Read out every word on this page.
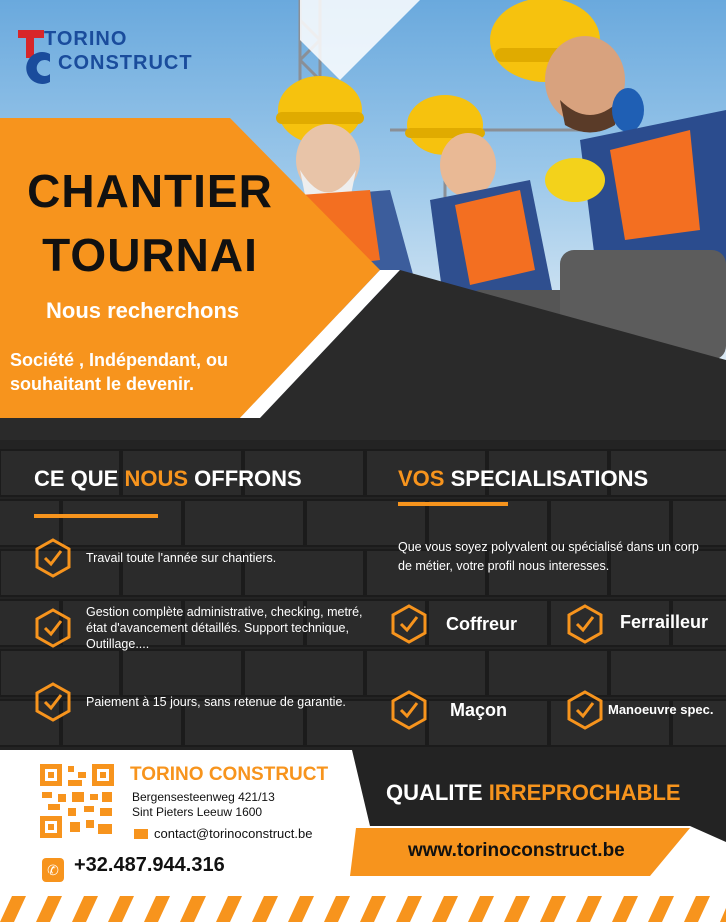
TORINO
CONSTRUCT
CHANTIER
TOURNAI
Nous recherchons
Société , Indépendant, ou souhaitant le devenir.
CE QUE NOUS OFFRONS	VOS SPECIALISATIONS
Travail toute l'année sur chantiers.
Gestion complète administrative, checking, metré, état d'avancement détaillés. Support technique, Outillage....
Paiement à 15 jours, sans retenue de garantie.
Que vous soyez polyvalent ou spécialisé dans un corp de métier, votre profil nous interesses.
Coffreur	Ferrailleur
Maçon	Manoeuvre spec.
TORINO CONSTRUCT
Bergensesteenweg 421/13
Sint Pieters Leeuw 1600
contact@torinoconstruct.be
✆ +32.487.944.316
QUALITE IRREPROCHABLE
www.torinoconstruct.be
